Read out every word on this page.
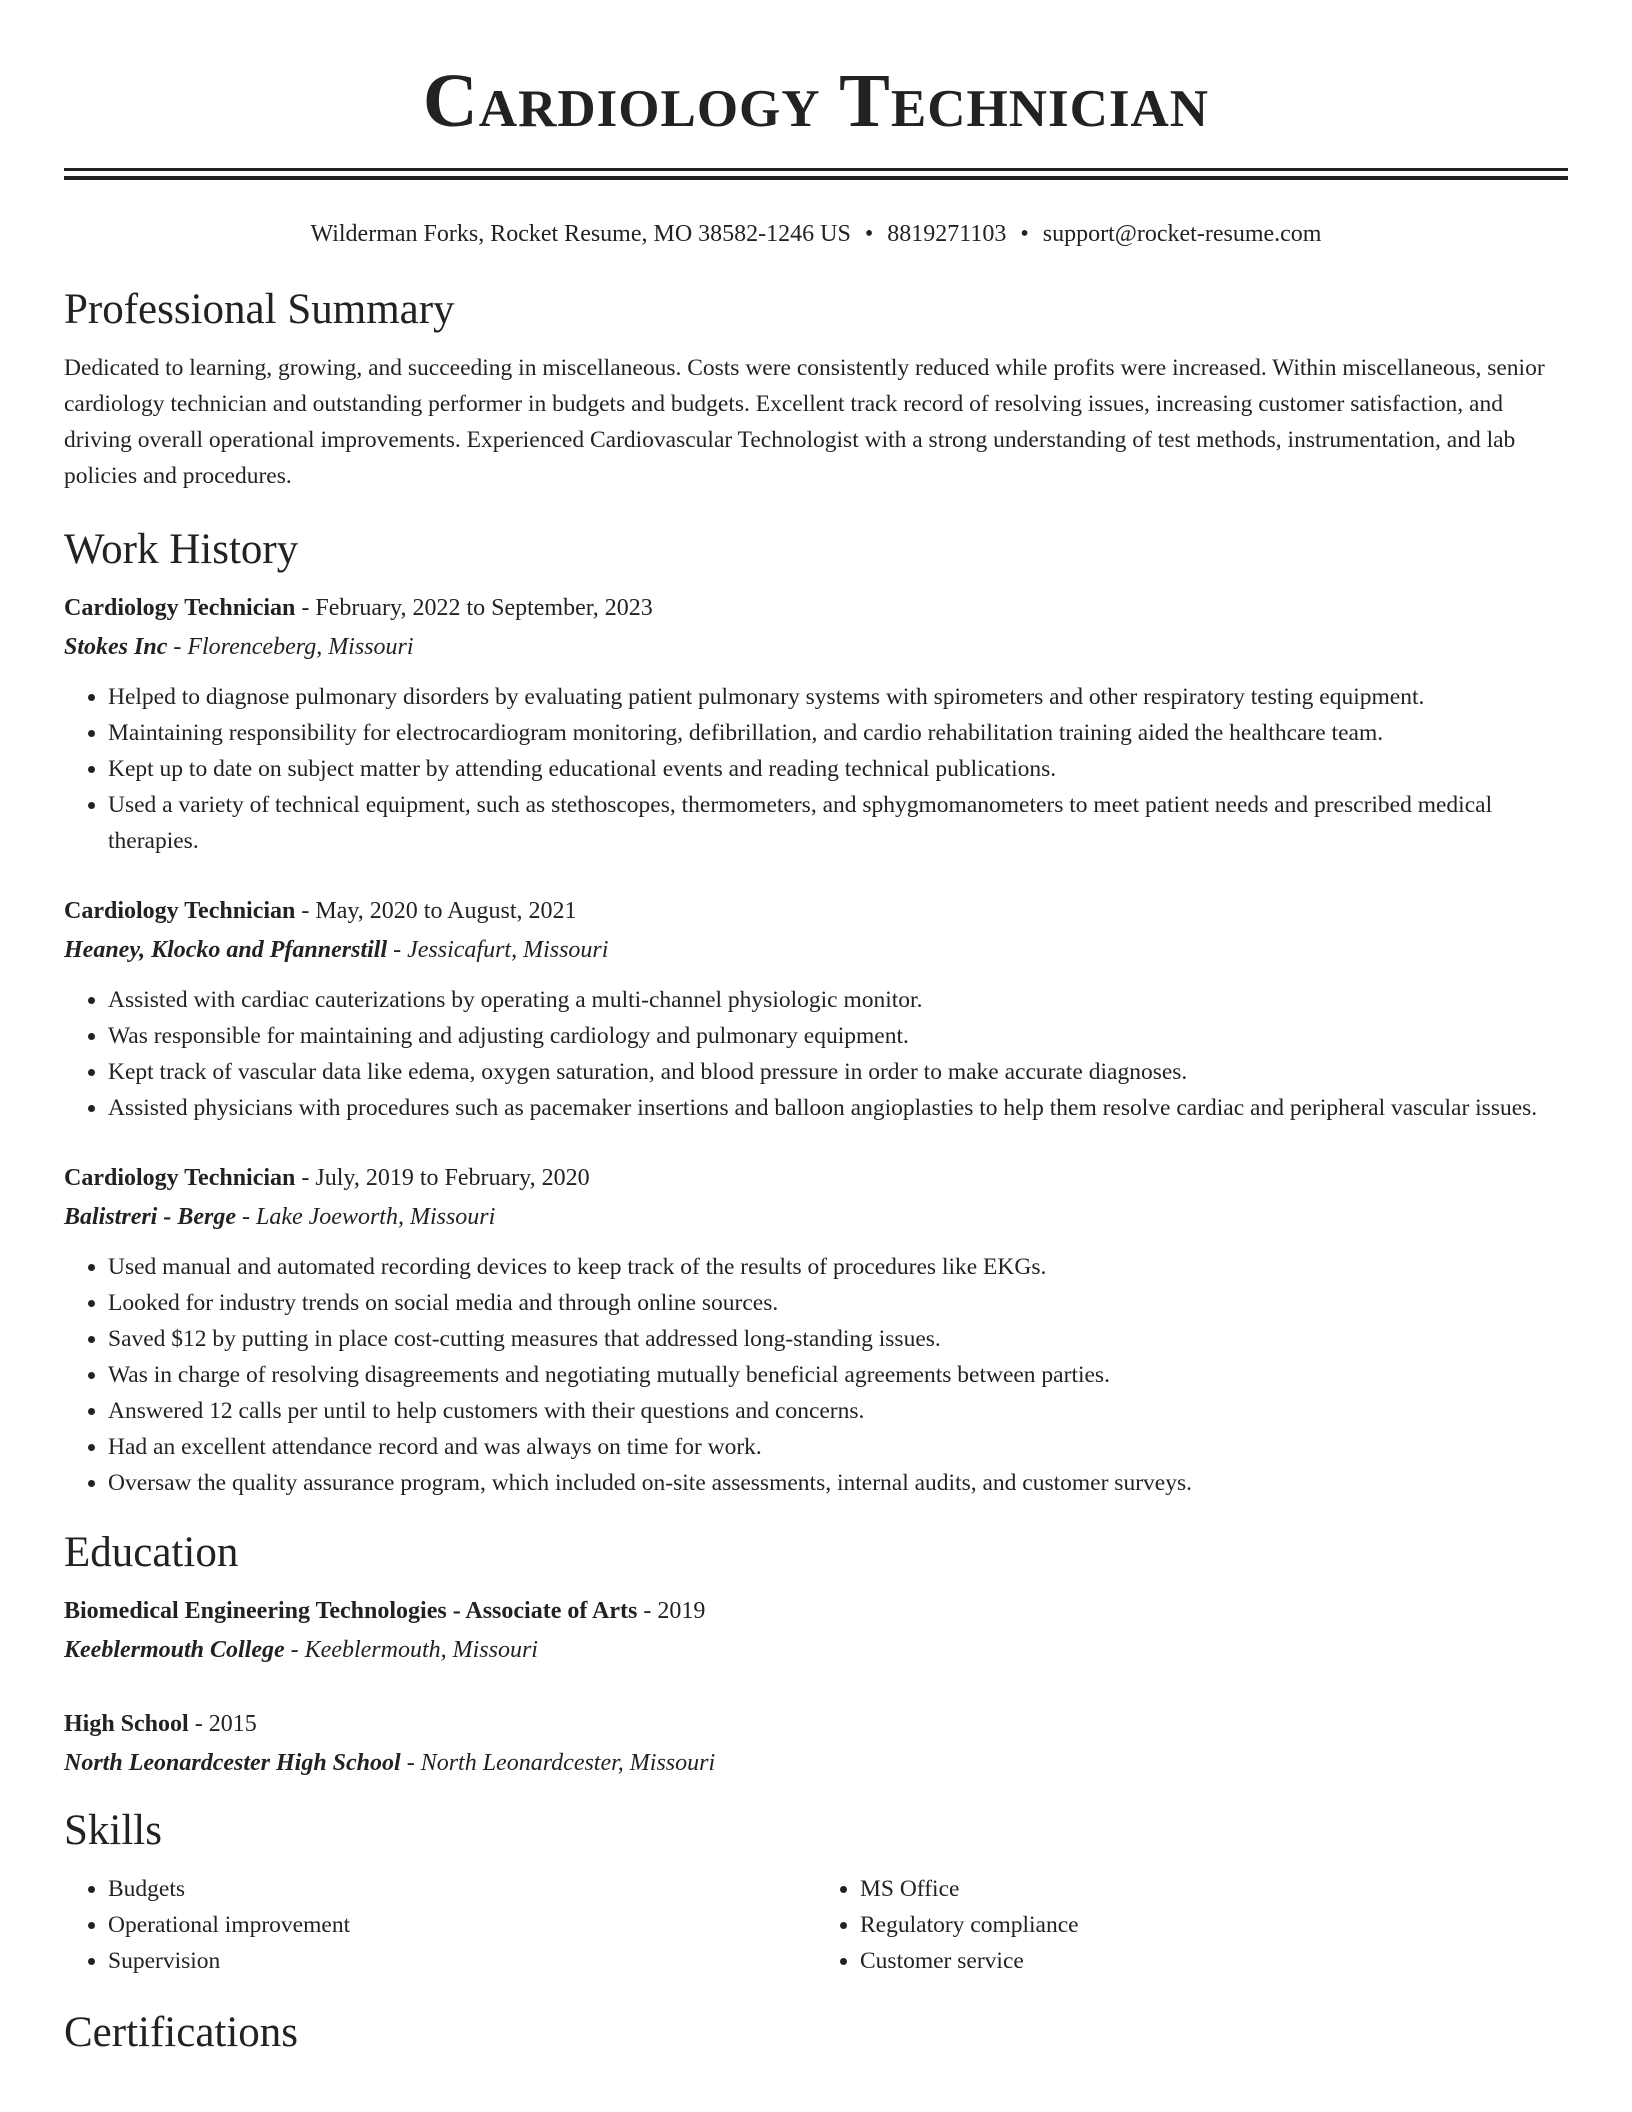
Cardiology Technician
Wilderman Forks, Rocket Resume, MO 38582-1246 US • 8819271103 • support@rocket-resume.com
Professional Summary

Dedicated to learning, growing, and succeeding in miscellaneous. Costs were consistently reduced while profits were increased. Within miscellaneous, senior cardiology technician and outstanding performer in budgets and budgets. Excellent track record of resolving issues, increasing customer satisfaction, and driving overall operational improvements. Experienced Cardiovascular Technologist with a strong understanding of test methods, instrumentation, and lab policies and procedures.

Work History
Cardiology Technician - February, 2022 to September, 2023
Stokes Inc - Florenceberg, Missouri
• Helped to diagnose pulmonary disorders by evaluating patient pulmonary systems with spirometers and other respiratory testing equipment.
• Maintaining responsibility for electrocardiogram monitoring, defibrillation, and cardio rehabilitation training aided the healthcare team.
• Kept up to date on subject matter by attending educational events and reading technical publications.
• Used a variety of technical equipment, such as stethoscopes, thermometers, and sphygmomanometers to meet patient needs and prescribed medical therapies.
Cardiology Technician - May, 2020 to August, 2021
Heaney, Klocko and Pfannerstill - Jessicafurt, Missouri
• Assisted with cardiac cauterizations by operating a multi-channel physiologic monitor.
• Was responsible for maintaining and adjusting cardiology and pulmonary equipment.
• Kept track of vascular data like edema, oxygen saturation, and blood pressure in order to make accurate diagnoses.
• Assisted physicians with procedures such as pacemaker insertions and balloon angioplasties to help them resolve cardiac and peripheral vascular issues.
Cardiology Technician - July, 2019 to February, 2020
Balistreri - Berge - Lake Joeworth, Missouri
• Used manual and automated recording devices to keep track of the results of procedures like EKGs.
• Looked for industry trends on social media and through online sources.
• Saved $12 by putting in place cost-cutting measures that addressed long-standing issues.
• Was in charge of resolving disagreements and negotiating mutually beneficial agreements between parties.
• Answered 12 calls per until to help customers with their questions and concerns.
• Had an excellent attendance record and was always on time for work.
• Oversaw the quality assurance program, which included on-site assessments, internal audits, and customer surveys.
Education
Biomedical Engineering Technologies - Associate of Arts - 2019
Keeblermouth College - Keeblermouth, Missouri
High School - 2015
North Leonardcester High School - North Leonardcester, Missouri
Skills
• Budgets
• Operational improvement
• Supervision
• MS Office
• Regulatory compliance
• Customer service
Certifications
